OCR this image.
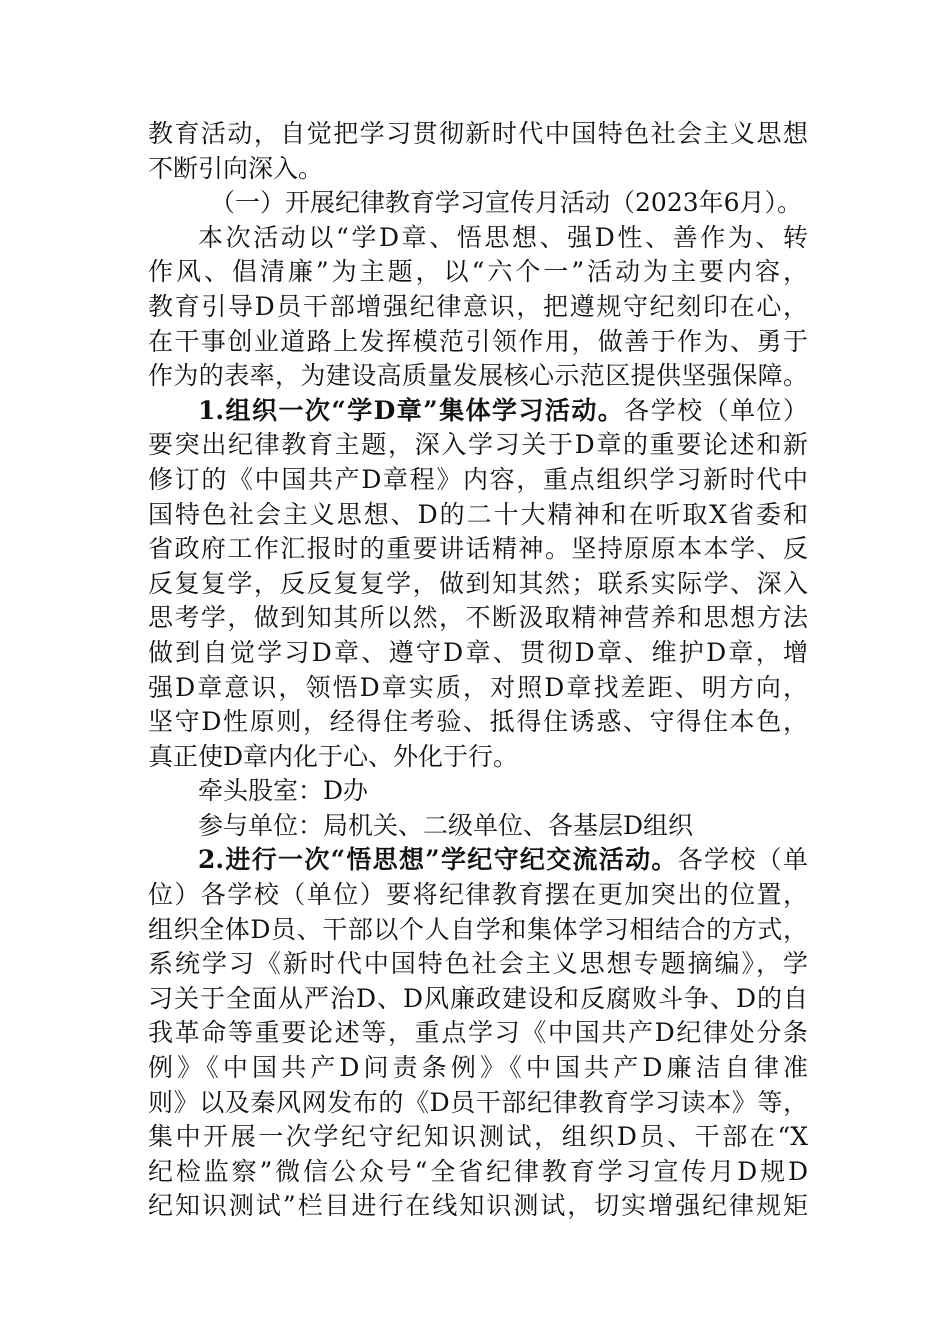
教育活动，自觉把学习贯彻新时代中国特色社会主义思想
不断引向深入。
（一）开展纪律教育学习宣传月活动（2023年6月）。
本次活动以“学D章、悟思想、强D性、善作为、转
作风、倡清廉”为主题，以“六个一”活动为主要内容，
教育引导D员干部增强纪律意识，把遵规守纪刻印在心，
在干事创业道路上发挥模范引领作用，做善于作为、勇于
作为的表率，为建设高质量发展核心示范区提供坚强保障。
1.组织一次“学D章”集体学习活动。各学校（单位）
要突出纪律教育主题，深入学习关于D章的重要论述和新
修订的《中国共产D章程》内容，重点组织学习新时代中
国特色社会主义思想、D的二十大精神和在听取X省委和
省政府工作汇报时的重要讲话精神。坚持原原本本学、反
反复复学，反反复复学，做到知其然；联系实际学、深入
思考学，做到知其所以然，不断汲取精神营养和思想方法
做到自觉学习D章、遵守D章、贯彻D章、维护D章，增
强D章意识，领悟D章实质，对照D章找差距、明方向，
坚守D性原则，经得住考验、抵得住诱惑、守得住本色，
真正使D章内化于心、外化于行。
牵头股室：D办
参与单位：局机关、二级单位、各基层D组织
2.进行一次“悟思想”学纪守纪交流活动。各学校（单
位）各学校（单位）要将纪律教育摆在更加突出的位置，
组织全体D员、干部以个人自学和集体学习相结合的方式，
系统学习《新时代中国特色社会主义思想专题摘编》，学
习关于全面从严治D、D风廉政建设和反腐败斗争、D的自
我革命等重要论述等，重点学习《中国共产D纪律处分条
例》《中国共产D问责条例》《中国共产D廉洁自律准
则》以及秦风网发布的《D员干部纪律教育学习读本》等，
集中开展一次学纪守纪知识测试，组织D员、干部在“X
纪检监察”微信公众号“全省纪律教育学习宣传月D规D
纪知识测试”栏目进行在线知识测试，切实增强纪律规矩
